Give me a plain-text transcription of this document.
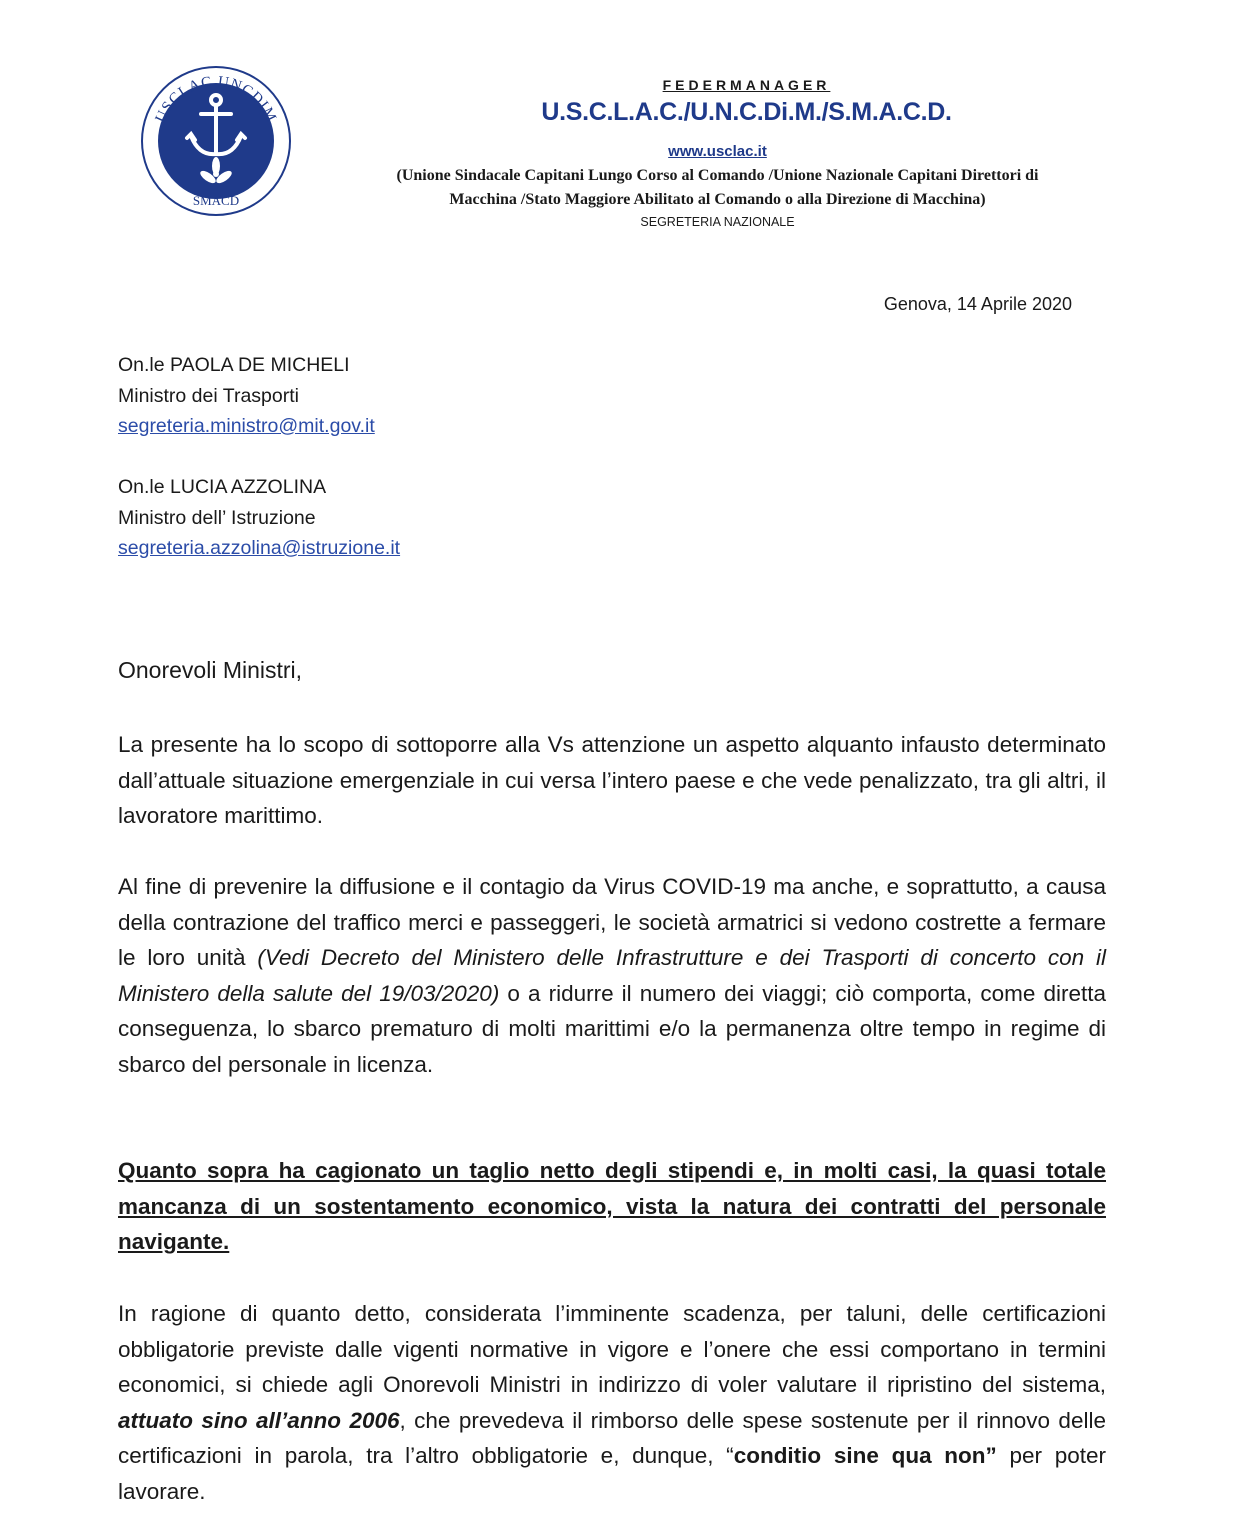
USCLAC UNCDIM
SMACD
FEDERMANAGER
U.S.C.L.A.C./U.N.C.Di.M./S.M.A.C.D.
www.usclac.it
(Unione Sindacale Capitani Lungo Corso al Comando /Unione Nazionale Capitani Direttori di
Macchina /Stato Maggiore Abilitato al Comando o alla Direzione di Macchina)
SEGRETERIA NAZIONALE
Genova, 14 Aprile 2020
On.le PAOLA DE MICHELI
Ministro dei Trasporti
segreteria.ministro@mit.gov.it
On.le LUCIA AZZOLINA
Ministro dell’ Istruzione
segreteria.azzolina@istruzione.it
Onorevoli Ministri,
La presente ha lo scopo di sottoporre alla Vs attenzione un aspetto alquanto infausto determinato dall’attuale situazione emergenziale in cui versa l’intero paese e che vede penalizzato, tra gli altri, il lavoratore marittimo.
Al fine di prevenire la diffusione e il contagio da Virus COVID-19 ma anche, e soprattutto, a causa della contrazione del traffico merci e passeggeri, le società armatrici si vedono costrette a fermare le loro unità (Vedi Decreto del Ministero delle Infrastrutture e dei Trasporti di concerto con il Ministero della salute del 19/03/2020) o a ridurre il numero dei viaggi; ciò comporta, come diretta conseguenza, lo sbarco prematuro di molti marittimi e/o la permanenza oltre tempo in regime di sbarco del personale in licenza.
Quanto sopra ha cagionato un taglio netto degli stipendi e, in molti casi, la quasi totale mancanza di un sostentamento economico, vista la natura dei contratti del personale navigante.
In ragione di quanto detto, considerata l’imminente scadenza, per taluni, delle certificazioni obbligatorie previste dalle vigenti normative in vigore e l’onere che essi comportano in termini economici, si chiede agli Onorevoli Ministri in indirizzo di voler valutare il ripristino del sistema, attuato sino all’anno 2006, che prevedeva il rimborso delle spese sostenute per il rinnovo delle certificazioni in parola, tra l’altro obbligatorie e, dunque, “conditio sine qua non” per poter lavorare.
